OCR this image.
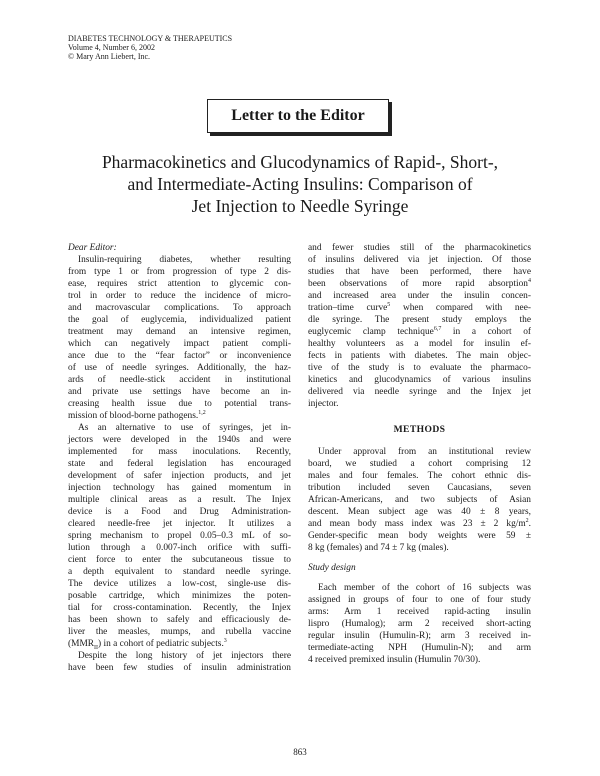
DIABETES TECHNOLOGY & THERAPEUTICS
Volume 4, Number 6, 2002
© Mary Ann Liebert, Inc.
Letter to the Editor
Pharmacokinetics and Glucodynamics of Rapid-, Short-,
and Intermediate-Acting Insulins: Comparison of
Jet Injection to Needle Syringe
Dear Editor:
Insulin-requiring diabetes, whether resulting
from type 1 or from progression of type 2 dis-
ease, requires strict attention to glycemic con-
trol in order to reduce the incidence of micro-
and macrovascular complications. To approach
the goal of euglycemia, individualized patient
treatment may demand an intensive regimen,
which can negatively impact patient compli-
ance due to the “fear factor” or inconvenience
of use of needle syringes. Additionally, the haz-
ards of needle-stick accident in institutional
and private use settings have become an in-
creasing health issue due to potential trans-
mission of blood-borne pathogens.$^{1,2}$
As an alternative to use of syringes, jet in-
jectors were developed in the 1940s and were
implemented for mass inoculations. Recently,
state and federal legislation has encouraged
development of safer injection products, and jet
injection technology has gained momentum in
multiple clinical areas as a result. The Injex
device is a Food and Drug Administration-
cleared needle-free jet injector. It utilizes a
spring mechanism to propel 0.05–0.3 mL of so-
lution through a 0.007-inch orifice with suffi-
cient force to enter the subcutaneous tissue to
a depth equivalent to standard needle syringe.
The device utilizes a low-cost, single-use dis-
posable cartridge, which minimizes the poten-
tial for cross-contamination. Recently, the Injex
has been shown to safely and efficaciously de-
liver the measles, mumps, and rubella vaccine
$(MMR_{II})$ in a cohort of pediatric subjects.$^3$
Despite the long history of jet injectors there
have been few studies of insulin administration
and fewer studies still of the pharmacokinetics
of insulins delivered via jet injection. Of those
studies that have been performed, there have
been observations of more rapid absorption$^4$
and increased area under the insulin concen-
tration–time curve$^5$ when compared with nee-
dle syringe. The present study employs the
euglycemic clamp technique$^{6,7}$ in a cohort of
healthy volunteers as a model for insulin ef-
fects in patients with diabetes. The main objec-
tive of the study is to evaluate the pharmaco-
kinetics and glucodynamics of various insulins
delivered via needle syringe and the Injex jet
injector.
METHODS
Under approval from an institutional review
board, we studied a cohort comprising 12
males and four females. The cohort ethnic dis-
tribution included seven Caucasians, seven
African-Americans, and two subjects of Asian
descent. Mean subject age was 40 ± 8 years,
and mean body mass index was 23 ± 2 $kg/m^2$.
Gender-specific mean body weights were 59 ±
8 kg (females) and 74 ± 7 kg (males).
Study design
Each member of the cohort of 16 subjects was
assigned in groups of four to one of four study
arms: Arm 1 received rapid-acting insulin
lispro (Humalog); arm 2 received short-acting
regular insulin (Humulin-R); arm 3 received in-
termediate-acting NPH (Humulin-N); and arm
4 received premixed insulin (Humulin 70/30).
863
